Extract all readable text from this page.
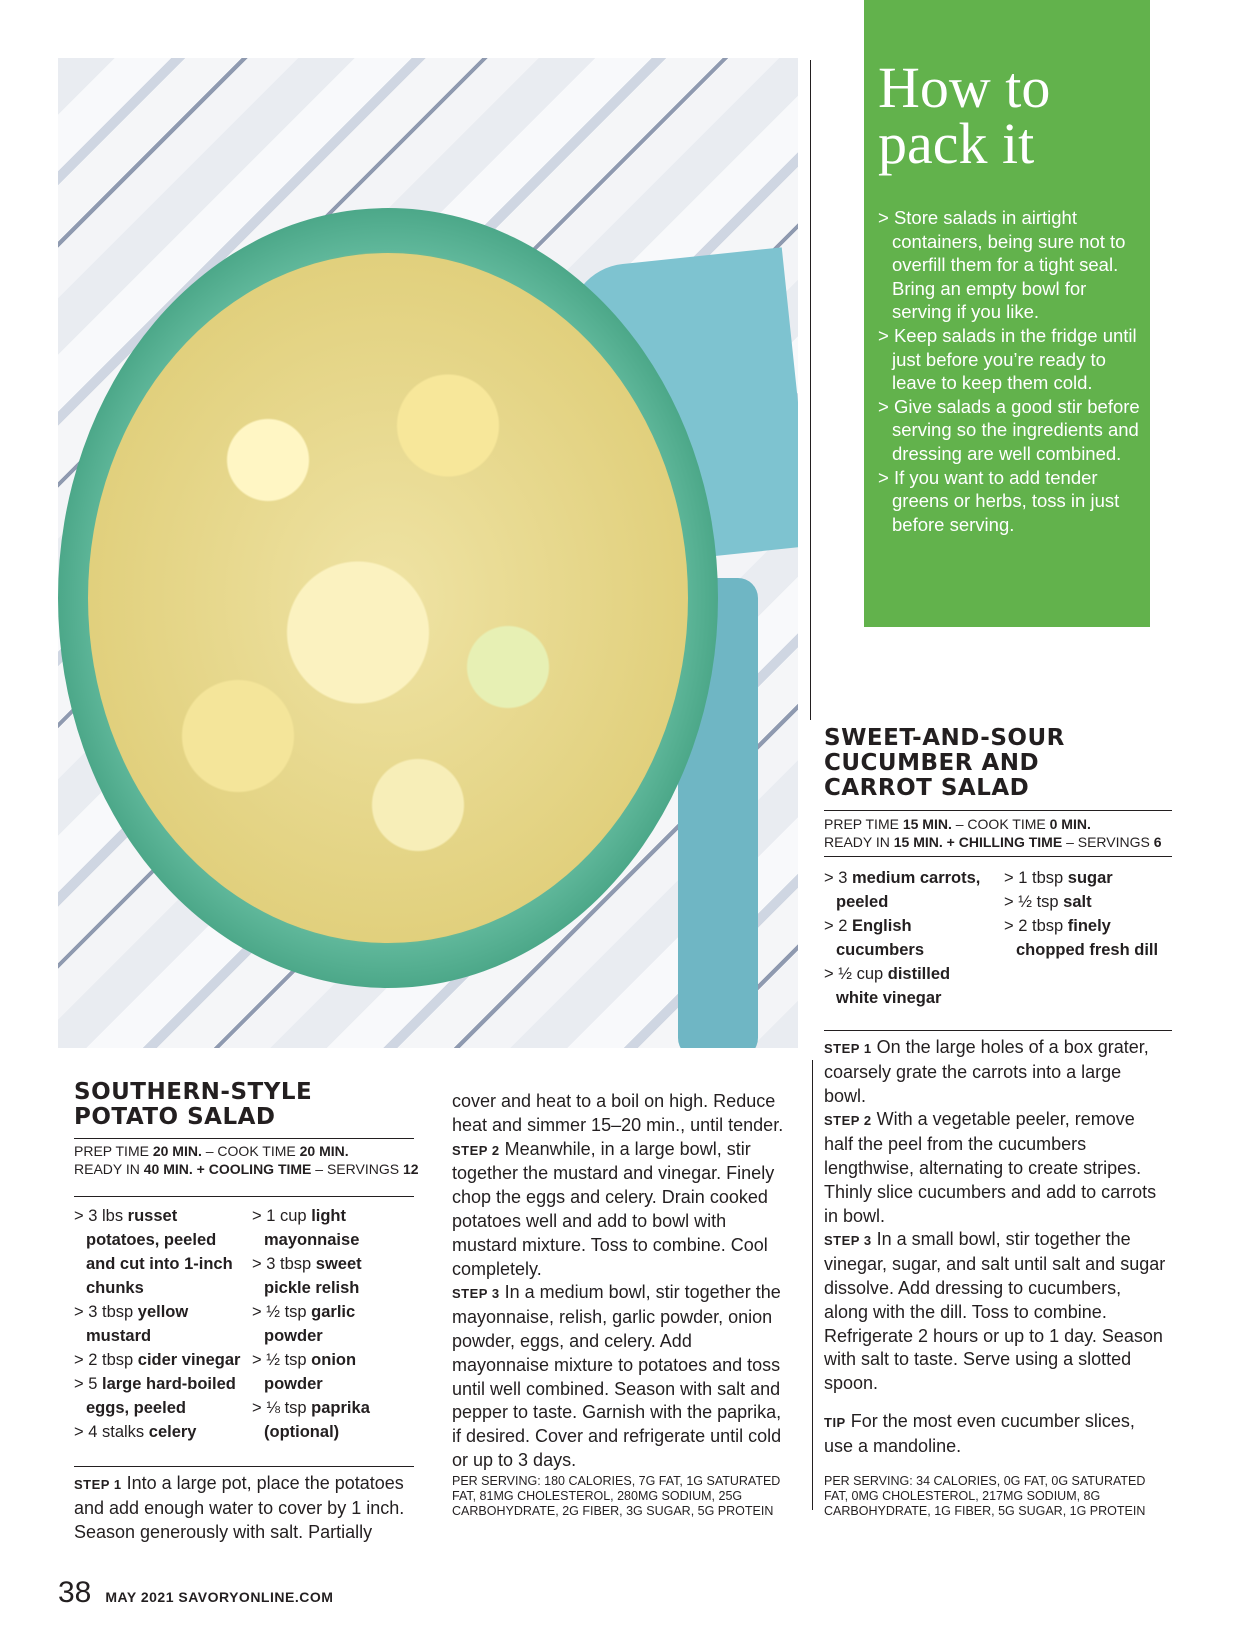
How to
pack it
> Store salads in airtight containers, being sure not to overfill them for a tight seal. Bring an empty bowl for serving if you like.
> Keep salads in the fridge until just before you’re ready to leave to keep them cold.
> Give salads a good stir before serving so the ingredients and dressing are well combined.
> If you want to add tender greens or herbs, toss in just before serving.
SWEET-AND-SOUR
CUCUMBER AND
CARROT SALAD
PREP TIME 15 MIN. – COOK TIME 0 MIN.
READY IN 15 MIN. + CHILLING TIME – SERVINGS 6
> 3 medium carrots, peeled
> 2 English cucumbers
> ½ cup distilled white vinegar
> 1 tbsp sugar
> ½ tsp salt
> 2 tbsp finely chopped fresh dill

STEP 1 On the large holes of a box grater, coarsely grate the carrots into a large bowl.

STEP 2 With a vegetable peeler, remove half the peel from the cucumbers lengthwise, alternating to create stripes. Thinly slice cucumbers and add to carrots in bowl.

STEP 3 In a small bowl, stir together the vinegar, sugar, and salt until salt and sugar dissolve. Add dressing to cucumbers, along with the dill. Toss to combine. Refrigerate 2 hours or up to 1 day. Season with salt to taste. Serve using a slotted spoon.

TIP For the most even cucumber slices, use a mandoline.

PER SERVING: 34 CALORIES, 0G FAT, 0G SATURATED FAT, 0MG CHOLESTEROL, 217MG SODIUM, 8G CARBOHYDRATE, 1G FIBER, 5G SUGAR, 1G PROTEIN
SOUTHERN-STYLE
POTATO SALAD
PREP TIME 20 MIN. – COOK TIME 20 MIN.
READY IN 40 MIN. + COOLING TIME – SERVINGS 12
> 3 lbs russet potatoes, peeled and cut into 1-inch chunks
> 3 tbsp yellow mustard
> 2 tbsp cider vinegar
> 5 large hard-boiled eggs, peeled
> 4 stalks celery
> 1 cup light mayonnaise
> 3 tbsp sweet pickle relish
> ½ tsp garlic powder
> ½ tsp onion powder
> ⅛ tsp paprika (optional)

STEP 1 Into a large pot, place the potatoes and add enough water to cover by 1 inch. Season generously with salt. Partially

cover and heat to a boil on high. Reduce heat and simmer 15–20 min., until tender.

STEP 2 Meanwhile, in a large bowl, stir together the mustard and vinegar. Finely chop the eggs and celery. Drain cooked potatoes well and add to bowl with mustard mixture. Toss to combine. Cool completely.

STEP 3 In a medium bowl, stir together the mayonnaise, relish, garlic powder, onion powder, eggs, and celery. Add mayonnaise mixture to potatoes and toss until well combined. Season with salt and pepper to taste. Garnish with the paprika, if desired. Cover and refrigerate until cold or up to 3 days.

PER SERVING: 180 CALORIES, 7G FAT, 1G SATURATED FAT, 81MG CHOLESTEROL, 280MG SODIUM, 25G CARBOHYDRATE, 2G FIBER, 3G SUGAR, 5G PROTEIN
38 MAY 2021 SAVORYONLINE.COM
